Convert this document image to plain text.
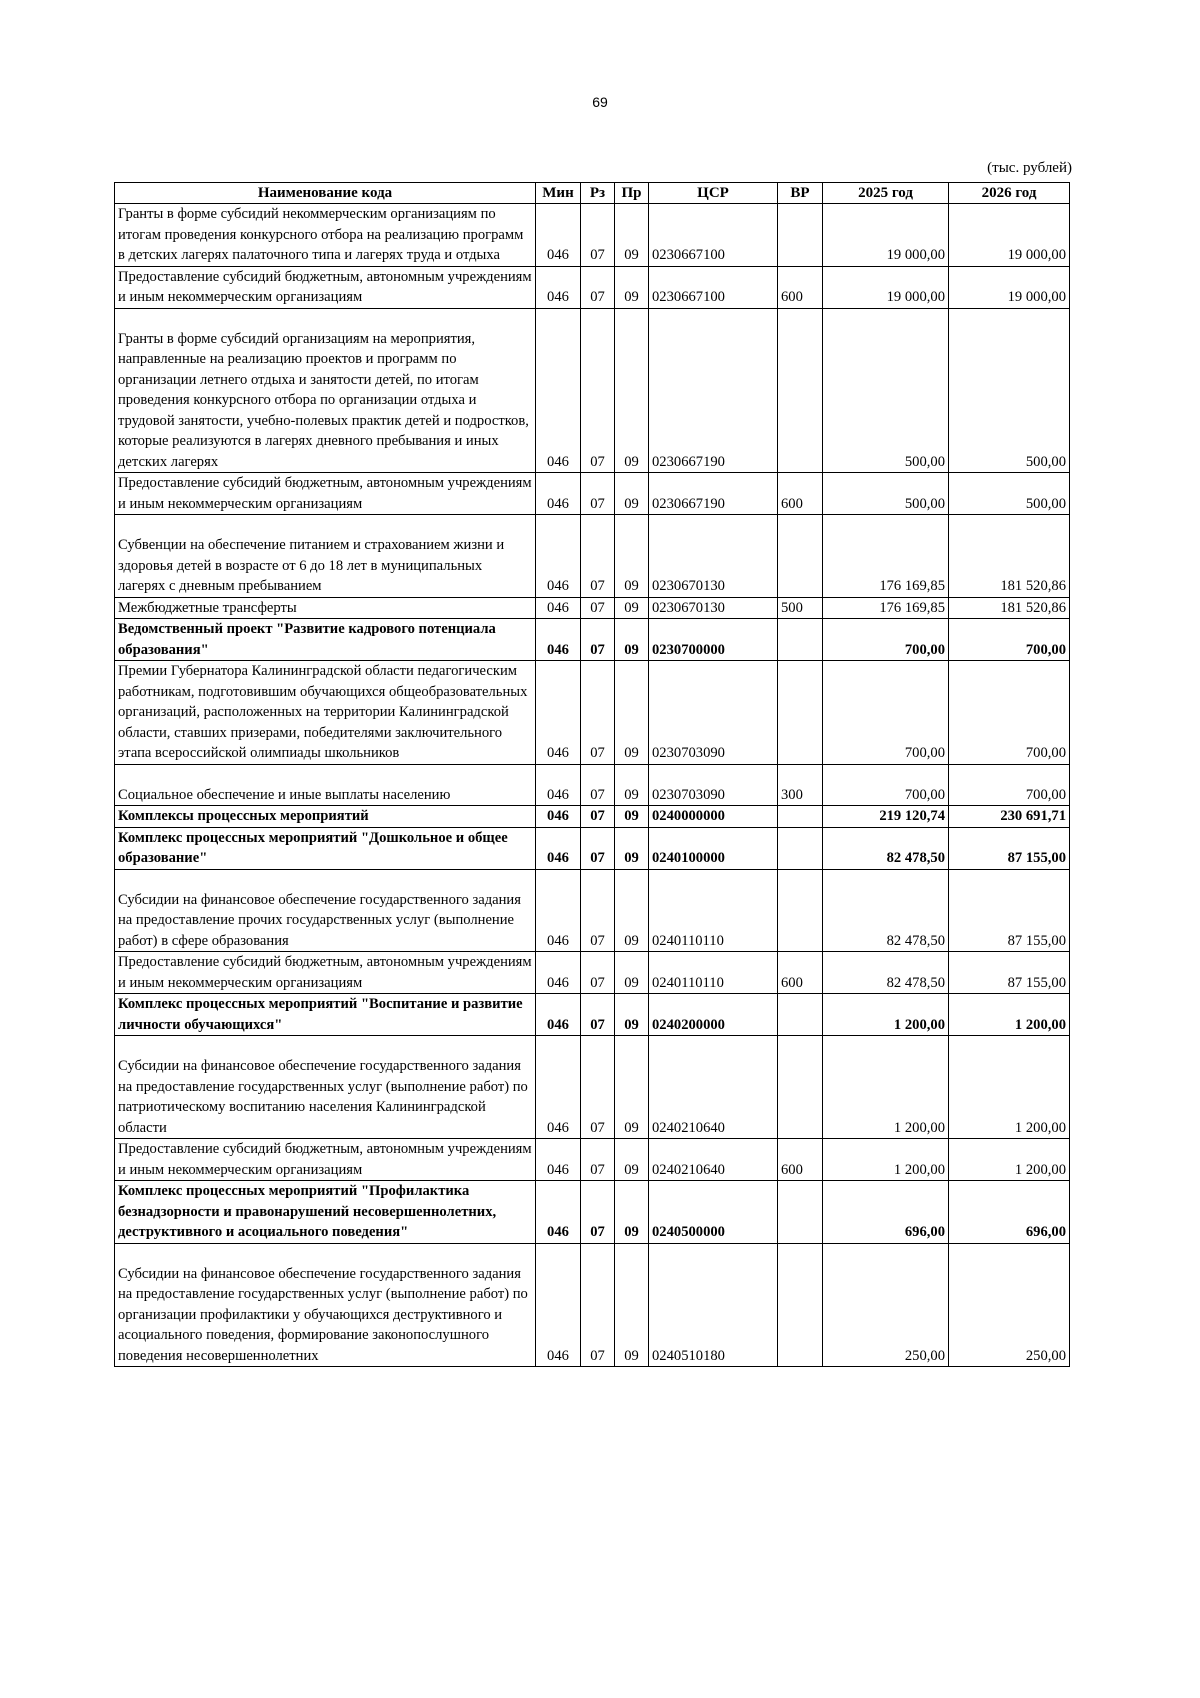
69
(тыс. рублей)
Наименование кода	Мин	Рз	Пр	ЦСР	ВР	2025 год	2026 год
Гранты в форме субсидий некоммерческим организациям по итогам проведения конкурсного отбора на реализацию программ в детских лагерях палаточного типа и лагерях труда и отдыха	046	07	09	0230667100		19 000,00	19 000,00
Предоставление субсидий бюджетным, автономным учреждениям и иным некоммерческим организациям	046	07	09	0230667100	600	19 000,00	19 000,00

Гранты в форме субсидий организациям на мероприятия, направленные на реализацию проектов и программ по организации летнего отдыха и занятости детей, по итогам проведения конкурсного отбора по организации отдыха и трудовой занятости, учебно-полевых практик детей и подростков, которые реализуются в лагерях дневного пребывания и иных детских лагерях	046	07	09	0230667190		500,00	500,00
Предоставление субсидий бюджетным, автономным учреждениям и иным некоммерческим организациям	046	07	09	0230667190	600	500,00	500,00

Субвенции на обеспечение питанием и страхованием жизни и здоровья детей в возрасте от 6 до 18 лет в муниципальных лагерях с дневным пребыванием	046	07	09	0230670130		176 169,85	181 520,86
Межбюджетные трансферты	046	07	09	0230670130	500	176 169,85	181 520,86
Ведомственный проект "Развитие кадрового потенциала образования"	046	07	09	0230700000		700,00	700,00
Премии Губернатора Калининградской области педагогическим работникам, подготовившим обучающихся общеобразовательных организаций, расположенных на территории Калининградской области, ставших призерами, победителями заключительного этапа всероссийской олимпиады школьников	046	07	09	0230703090		700,00	700,00

Социальное обеспечение и иные выплаты населению	046	07	09	0230703090	300	700,00	700,00
Комплексы процессных мероприятий	046	07	09	0240000000		219 120,74	230 691,71
Комплекс процессных мероприятий "Дошкольное и общее образование"	046	07	09	0240100000		82 478,50	87 155,00

Субсидии на финансовое обеспечение государственного задания на предоставление прочих государственных услуг (выполнение работ) в сфере образования	046	07	09	0240110110		82 478,50	87 155,00
Предоставление субсидий бюджетным, автономным учреждениям и иным некоммерческим организациям	046	07	09	0240110110	600	82 478,50	87 155,00
Комплекс процессных мероприятий "Воспитание и развитие личности обучающихся"	046	07	09	0240200000		1 200,00	1 200,00

Субсидии на финансовое обеспечение государственного задания на предоставление государственных услуг (выполнение работ) по патриотическому воспитанию населения Калининградской области	046	07	09	0240210640		1 200,00	1 200,00
Предоставление субсидий бюджетным, автономным учреждениям и иным некоммерческим организациям	046	07	09	0240210640	600	1 200,00	1 200,00
Комплекс процессных мероприятий "Профилактика безнадзорности и правонарушений несовершеннолетних, деструктивного и асоциального поведения"	046	07	09	0240500000		696,00	696,00

Субсидии на финансовое обеспечение государственного задания на предоставление государственных услуг (выполнение работ) по организации профилактики у обучающихся деструктивного и асоциального поведения, формирование законопослушного поведения несовершеннолетних	046	07	09	0240510180		250,00	250,00
